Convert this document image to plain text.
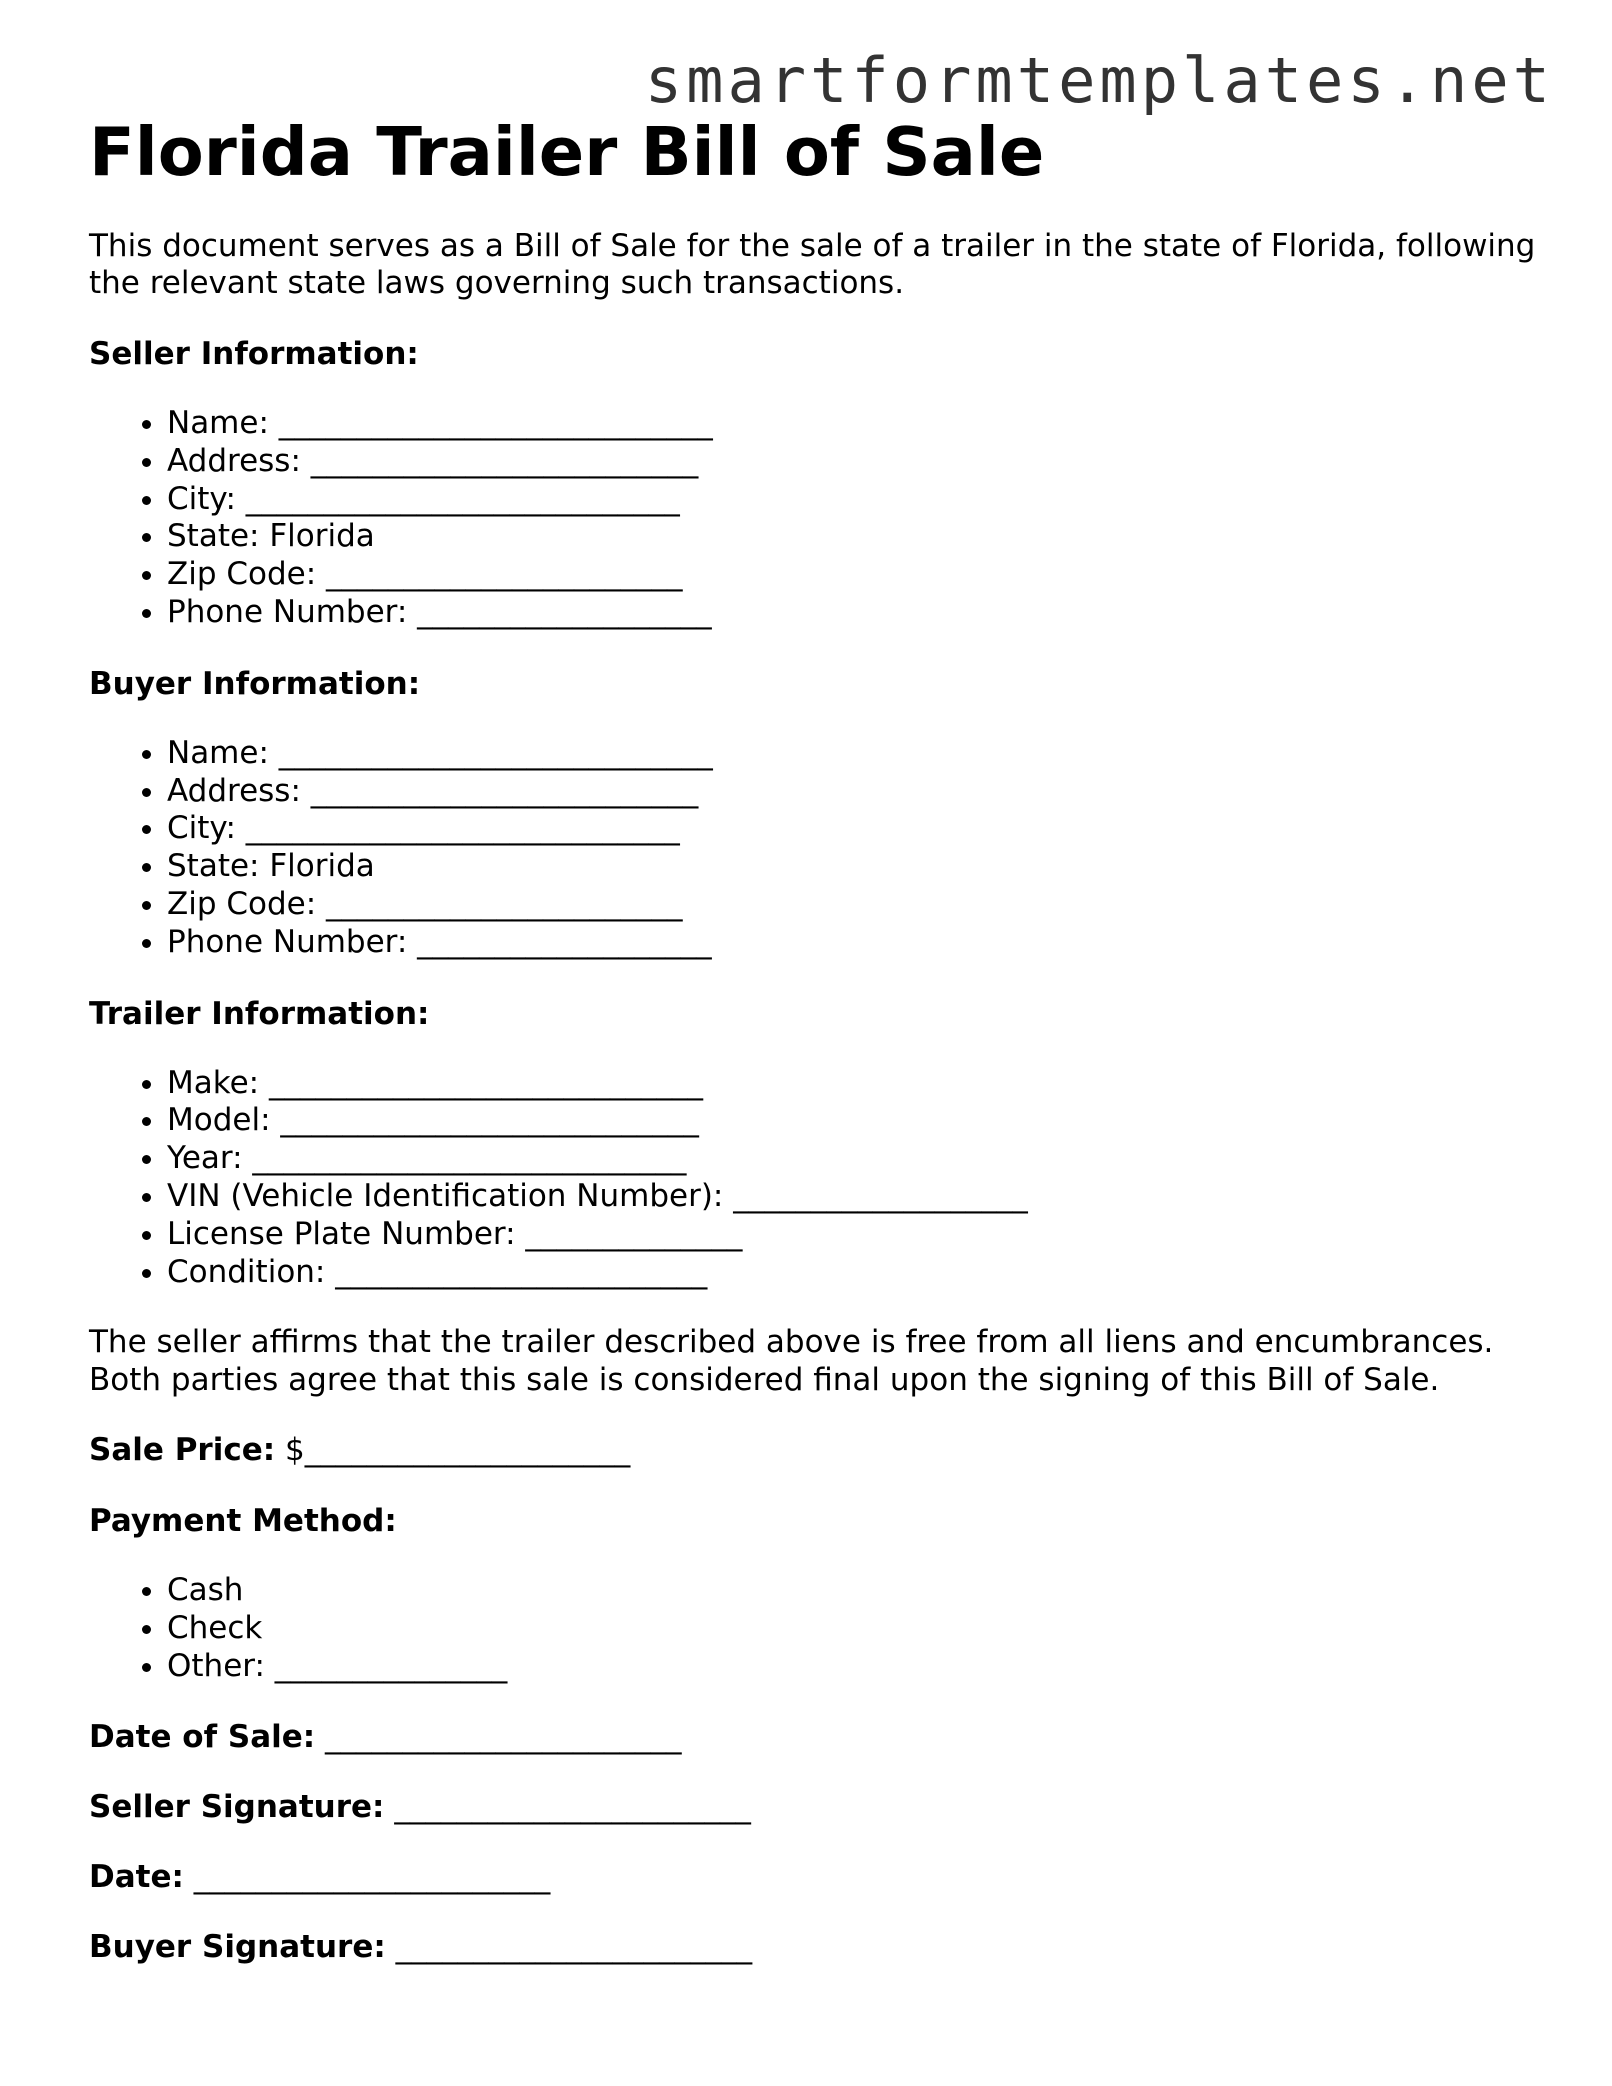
smartformtemplates.net
Florida Trailer Bill of Sale

This document serves as a Bill of Sale for the sale of a trailer in the state of Florida, following the relevant state laws governing such transactions.

Seller Information:

• Name: ____________________________
• Address: _________________________
• City: ____________________________
• State: Florida
• Zip Code: _______________________
• Phone Number: ___________________

Buyer Information:

• Name: ____________________________
• Address: _________________________
• City: ____________________________
• State: Florida
• Zip Code: _______________________
• Phone Number: ___________________

Trailer Information:

• Make: ____________________________
• Model: ___________________________
• Year: ____________________________
• VIN (Vehicle Identification Number): ___________________
• License Plate Number: ______________
• Condition: ________________________

The seller affirms that the trailer described above is free from all liens and encumbrances. Both parties agree that this sale is considered final upon the signing of this Bill of Sale.

Sale Price: $_____________________

Payment Method:

• Cash
• Check
• Other: _______________

Date of Sale: _______________________

Seller Signature: _______________________

Date: _______________________

Buyer Signature: _______________________
